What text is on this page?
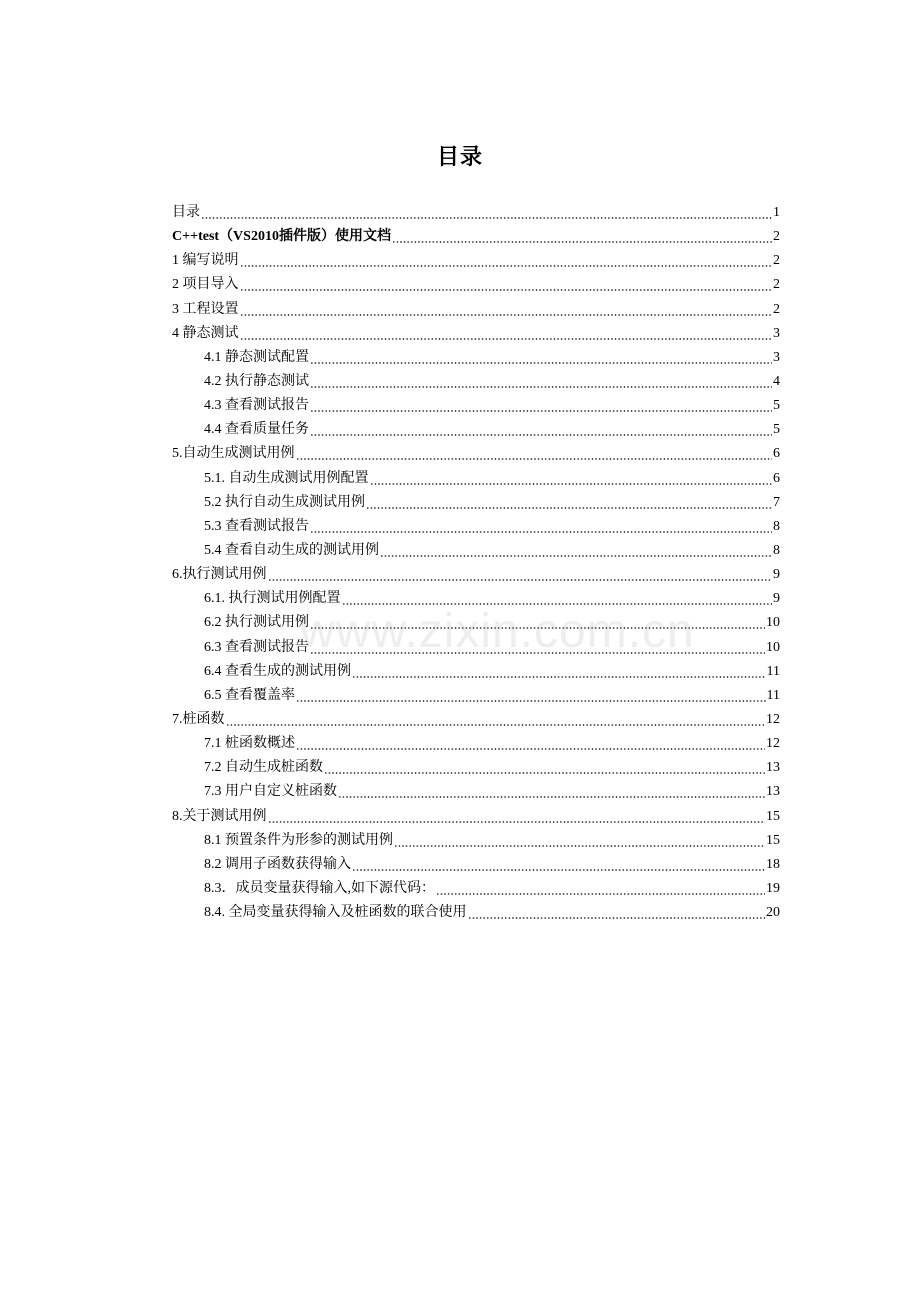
目录
目录	1
C++test（VS2010插件版）使用文档	2
1 编写说明	2
2 项目导入	2
3 工程设置	2
4 静态测试	3
4.1 静态测试配置	3
4.2 执行静态测试	4
4.3 查看测试报告	5
4.4 查看质量任务	5
5.自动生成测试用例	6
5.1. 自动生成测试用例配置	6
5.2 执行自动生成测试用例	7
5.3 查看测试报告	8
5.4 查看自动生成的测试用例	8
6.执行测试用例	9
6.1. 执行测试用例配置	9
6.2 执行测试用例	10
6.3 查看测试报告	10
6.4 查看生成的测试用例	11
6.5 查看覆盖率	11
7.桩函数	12
7.1 桩函数概述	12
7.2 自动生成桩函数	13
7.3 用户自定义桩函数	13
8.关于测试用例	15
8.1 预置条件为形参的测试用例	15
8.2 调用子函数获得输入	18
8.3．成员变量获得输入,如下源代码：	19
8.4. 全局变量获得输入及桩函数的联合使用	20
www.zixin.com.cn
